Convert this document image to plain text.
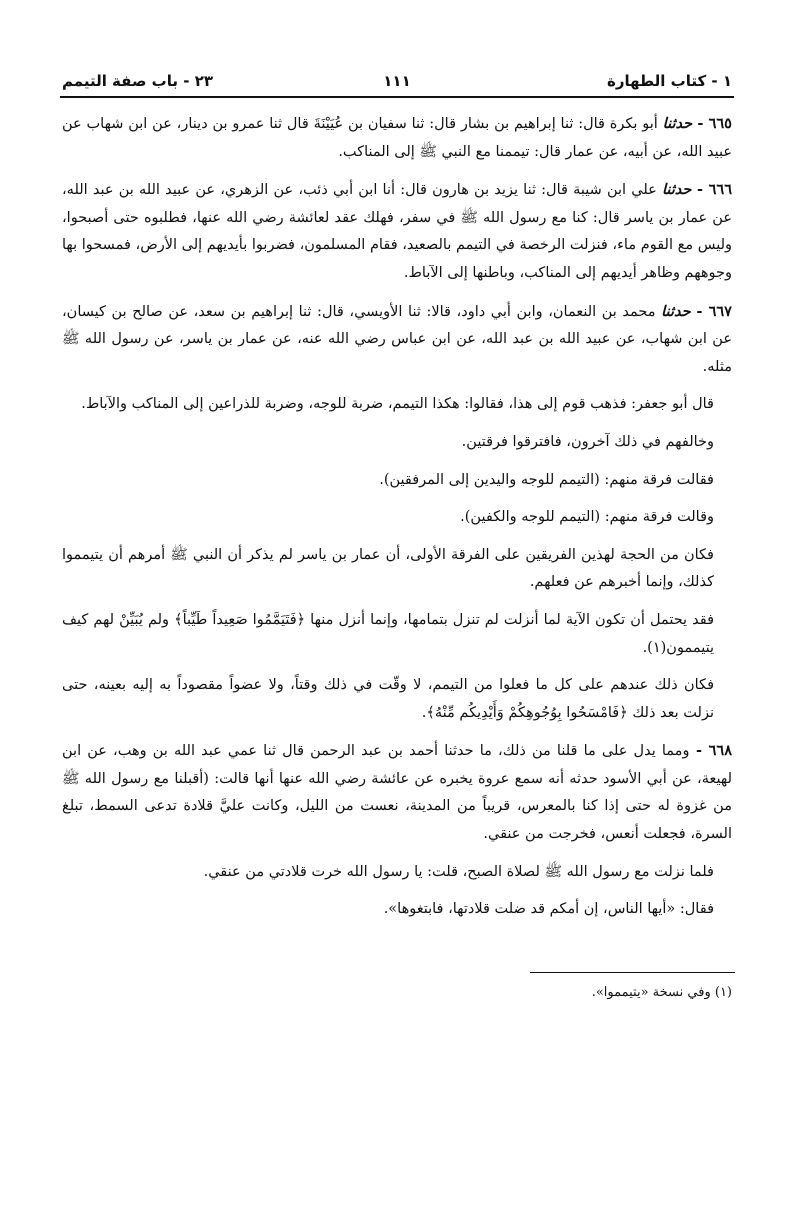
١ - كتاب الطهارة
١١١
٢٣ - باب صفة التيمم

٦٦٥ - حدثنا أبو بكرة قال: ثنا إبراهيم بن بشار قال: ثنا سفيان بن عُيَيْنَةَ قال ثنا عمرو بن دينار، عن ابن شهاب عن عبيد الله، عن أبيه، عن عمار قال: تيممنا مع النبي ﷺ إلى المناكب.

٦٦٦ - حدثنا علي ابن شيبة قال: ثنا يزيد بن هارون قال: أنا ابن أبي ذئب، عن الزهري، عن عبيد الله بن عبد الله، عن عمار بن ياسر قال: كنا مع رسول الله ﷺ في سفر، فهلك عقد لعائشة رضي الله عنها، فطلبوه حتى أصبحوا، وليس مع القوم ماء، فنزلت الرخصة في التيمم بالصعيد، فقام المسلمون، فضربوا بأيديهم إلى الأرض، فمسحوا بها وجوههم وظاهر أيديهم إلى المناكب، وباطنها إلى الآباط.

٦٦٧ - حدثنا محمد بن النعمان، وابن أبي داود، قالا: ثنا الأويسي، قال: ثنا إبراهيم بن سعد، عن صالح بن كيسان، عن ابن شهاب، عن عبيد الله بن عبد الله، عن ابن عباس رضي الله عنه، عن عمار بن ياسر، عن رسول الله ﷺ مثله.

قال أبو جعفر: فذهب قوم إلى هذا، فقالوا: هكذا التيمم، ضربة للوجه، وضربة للذراعين إلى المناكب والآباط.

وخالفهم في ذلك آخرون، فافترقوا فرقتين.

فقالت فرقة منهم: (التيمم للوجه واليدين إلى المرفقين).

وقالت فرقة منهم: (التيمم للوجه والكفين).

فكان من الحجة لهذين الفريقين على الفرقة الأولى، أن عمار بن ياسر لم يذكر أن النبي ﷺ أمرهم أن يتيمموا كذلك، وإنما أخبرهم عن فعلهم.

فقد يحتمل أن تكون الآية لما أنزلت لم تنزل بتمامها، وإنما أنزل منها ﴿فَتَيَمَّمُوا صَعِيداً طَيِّباً﴾ ولم يُبَيِّنْ لهم كيف يتيممون(١).

فكان ذلك عندهم على كل ما فعلوا من التيمم، لا وقّت في ذلك وقتاً، ولا عضواً مقصوداً به إليه بعينه، حتى نزلت بعد ذلك ﴿فَامْسَحُوا بِوُجُوهِكُمْ وَأَيْدِيكُم مِّنْهُ﴾.

٦٦٨ - ومما يدل على ما قلنا من ذلك، ما حدثنا أحمد بن عبد الرحمن قال ثنا عمي عبد الله بن وهب، عن ابن لهيعة، عن أبي الأسود حدثه أنه سمع عروة يخبره عن عائشة رضي الله عنها أنها قالت: (أقبلنا مع رسول الله ﷺ من غزوة له حتى إذا كنا بالمعرس، قريباً من المدينة، نعست من الليل، وكانت عليَّ قلادة تدعى السمط، تبلغ السرة، فجعلت أنعس، فخرجت من عنقي.

فلما نزلت مع رسول الله ﷺ لصلاة الصبح، قلت: يا رسول الله خرت قلادتي من عنقي.

فقال: «أيها الناس، إن أمكم قد ضلت قلادتها، فابتغوها».

(١) وفي نسخة «يتيمموا».
